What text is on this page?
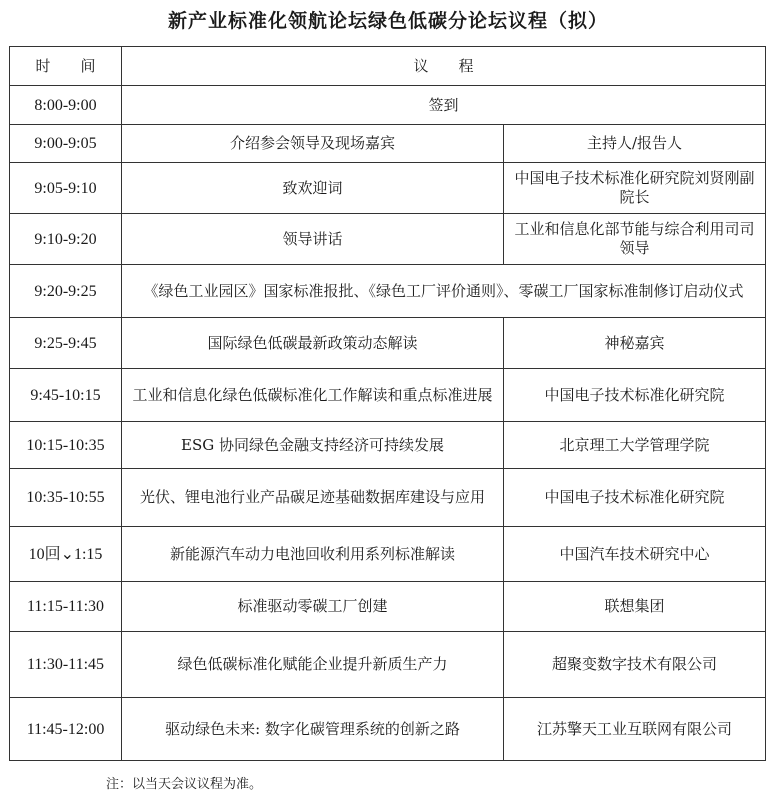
新产业标准化领航论坛绿色低碳分论坛议程（拟）
时　　间	议　　程	
8:00-9:00	签到	
9:00-9:05	介绍参会领导及现场嘉宾	主持人/报告人
9:05-9:10	致欢迎词	中国电子技术标准化研究院刘贤刚副院长
9:10-9:20	领导讲话	工业和信息化部节能与综合利用司司领导
9:20-9:25	《绿色工业园区》国家标准报批、《绿色工厂评价通则》、零碳工厂国家标准制修订启动仪式	
9:25-9:45	国际绿色低碳最新政策动态解读	神秘嘉宾
9:45-10:15	工业和信息化绿色低碳标准化工作解读和重点标准进展	中国电子技术标准化研究院
10:15-10:35	ESG 协同绿色金融支持经济可持续发展	北京理工大学管理学院
10:35-10:55	光伏、锂电池行业产品碳足迹基础数据库建设与应用	中国电子技术标准化研究院
10回⌄1:15	新能源汽车动力电池回收利用系列标准解读	中国汽车技术研究中心
11:15-11:30	标准驱动零碳工厂创建	联想集团
11:30-11:45	绿色低碳标准化赋能企业提升新质生产力	超聚变数字技术有限公司
11:45-12:00	驱动绿色未来: 数字化碳管理系统的创新之路	江苏擎天工业互联网有限公司
注：以当天会议议程为准。
